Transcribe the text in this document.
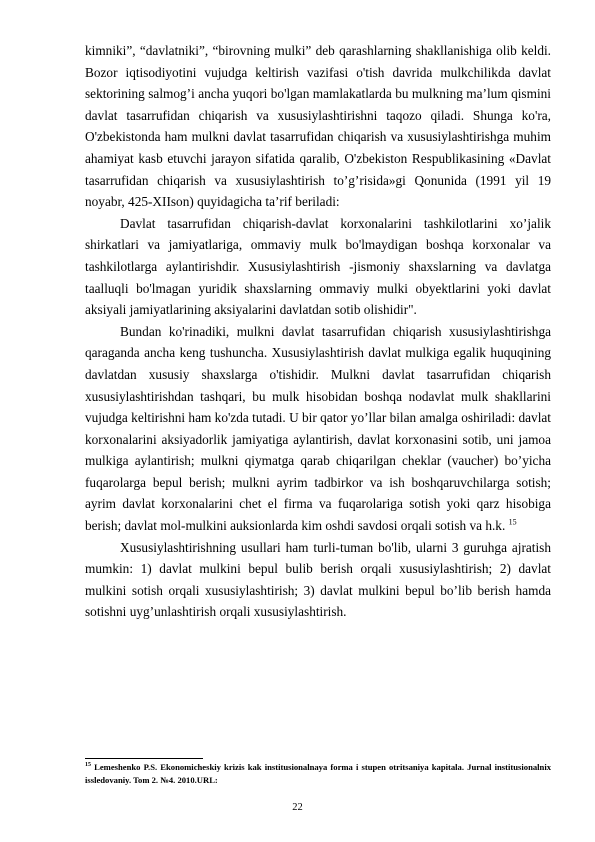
kimniki”, “davlatniki”, “birovning mulki” deb qarashlarning shakllanishiga olib keldi. Bozor iqtisodiyotini vujudga keltirish vazifasi o'tish davrida mulkchilikda davlat sektorining salmog’i ancha yuqori bo'lgan mamlakatlarda bu mulkning ma’lum qismini davlat tasarrufidan chiqarish va xususiylashtirishni taqozo qiladi. Shunga ko'ra, O'zbekistonda ham mulkni davlat tasarrufidan chiqarish va xususiylashtirishga muhim ahamiyat kasb etuvchi jarayon sifatida qaralib, O'zbekiston Respublikasining «Davlat tasarrufidan chiqarish va xususiylashtirish to’g’risida»gi Qonunida (1991 yil 19 noyabr, 425-XIIson) quyidagicha ta’rif beriladi:

Davlat tasarrufidan chiqarish-davlat korxonalarini tashkilotlarini xo’jalik shirkatlari va jamiyatlariga, ommaviy mulk bo'lmaydigan boshqa korxonalar va tashkilotlarga aylantirishdir. Xususiylashtirish -jismoniy shaxslarning va davlatga taalluqli bo'lmagan yuridik shaxslarning ommaviy mulki obyektlarini yoki davlat aksiyali jamiyatlarining aksiyalarini davlatdan sotib olishidir".

Bundan ko'rinadiki, mulkni davlat tasarrufidan chiqarish xususiylashtirishga qaraganda ancha keng tushuncha. Xususiylashtirish davlat mulkiga egalik huquqining davlatdan xususiy shaxslarga o'tishidir. Mulkni davlat tasarrufidan chiqarish xususiylashtirishdan tashqari, bu mulk hisobidan boshqa nodavlat mulk shakllarini vujudga keltirishni ham ko'zda tutadi. U bir qator yo’llar bilan amalga oshiriladi: davlat korxonalarini aksiyadorlik jamiyatiga aylantirish, davlat korxonasini sotib, uni jamoa mulkiga aylantirish; mulkni qiymatga qarab chiqarilgan cheklar (vaucher) bo’yicha fuqarolarga bepul berish; mulkni ayrim tadbirkor va ish boshqaruvchilarga sotish; ayrim davlat korxonalarini chet el firma va fuqarolariga sotish yoki qarz hisobiga berish; davlat mol-mulkini auksionlarda kim oshdi savdosi orqali sotish va h.k. $^{15}$

Xususiylashtirishning usullari ham turli-tuman bo'lib, ularni 3 guruhga ajratish mumkin: 1) davlat mulkini bepul bulib berish orqali xususiylashtirish; 2) davlat mulkini sotish orqali xususiylashtirish; 3) davlat mulkini bepul bo’lib berish hamda sotishni uyg’unlashtirish orqali xususiylashtirish.

$^{15}$ Lemeshenko P.S. Ekonomicheskiy krizis kak institusionalnaya forma i stupen otritsaniya kapitala. Jurnal institusionalnix issledovaniy. Tom 2. №4. 2010.URL:
22
